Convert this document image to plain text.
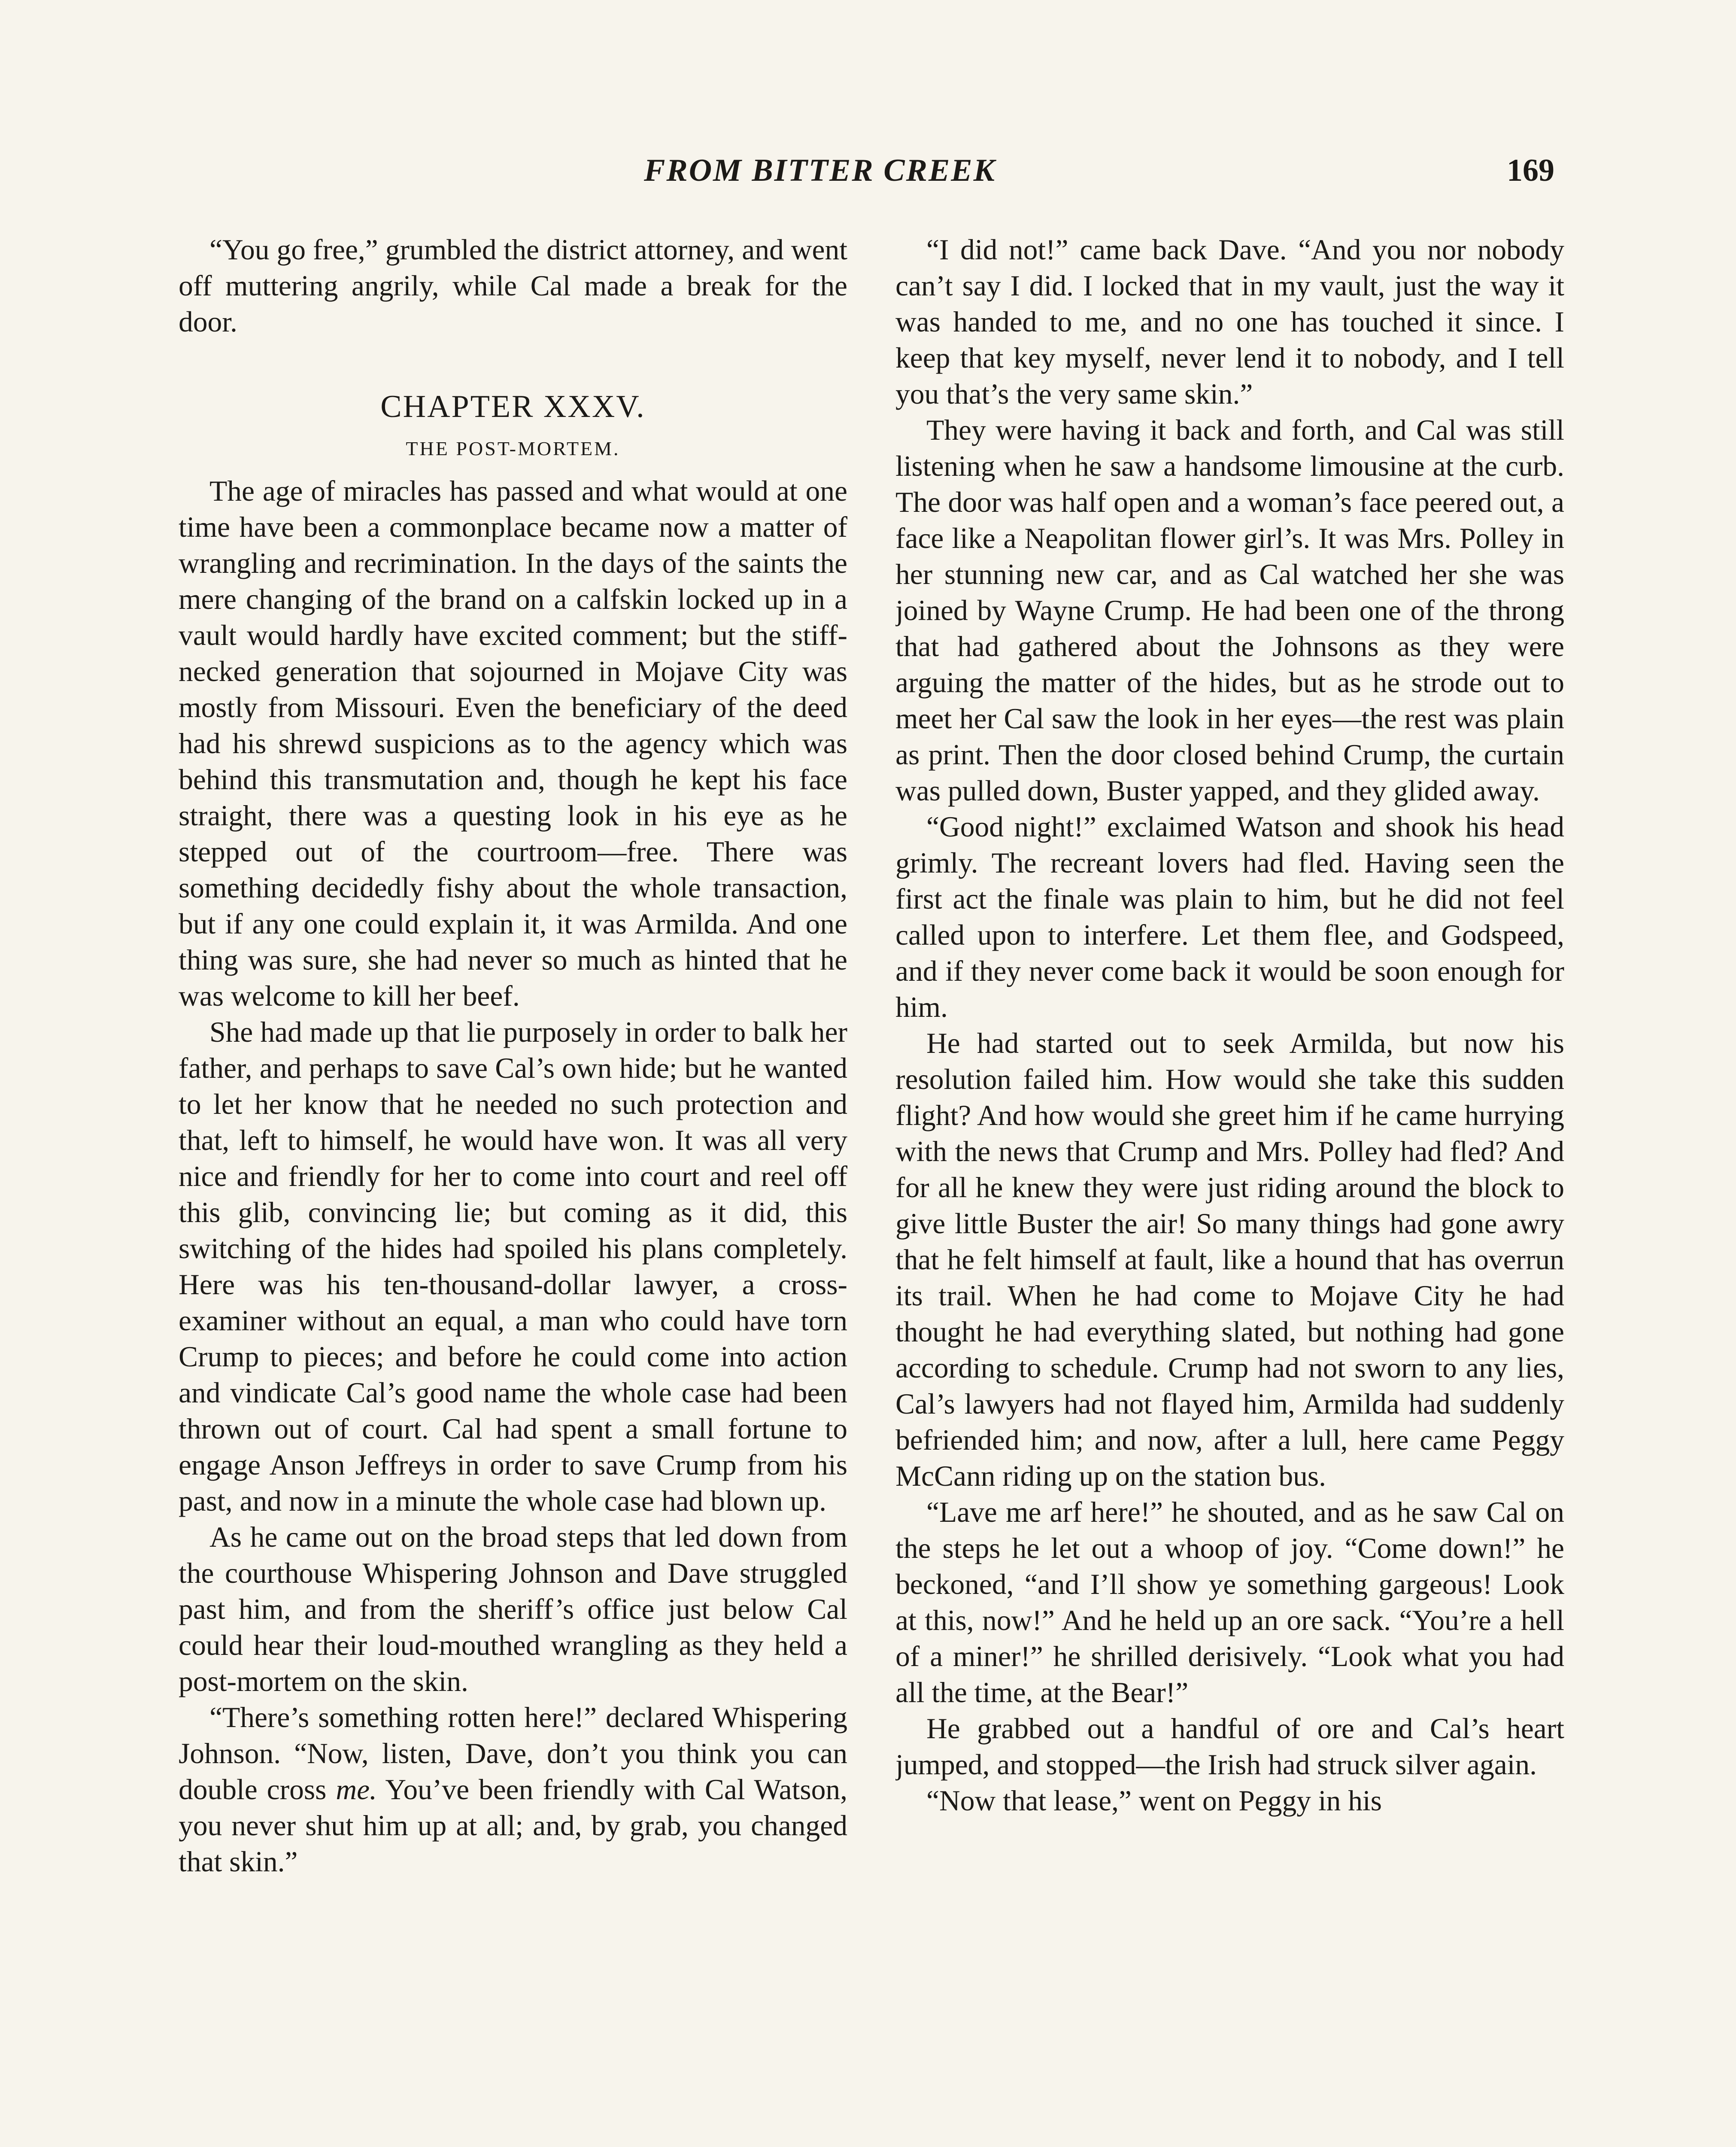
FROM BITTER CREEK	169

“You go free,” grumbled the district attorney, and went off muttering angrily, while Cal made a break for the door.

CHAPTER XXXV.
THE POST-MORTEM.

The age of miracles has passed and what would at one time have been a commonplace became now a matter of wrangling and recrimination. In the days of the saints the mere changing of the brand on a calfskin locked up in a vault would hardly have excited comment; but the stiff-necked generation that sojourned in Mojave City was mostly from Missouri. Even the beneficiary of the deed had his shrewd suspicions as to the agency which was behind this transmutation and, though he kept his face straight, there was a questing look in his eye as he stepped out of the courtroom—free. There was something decidedly fishy about the whole transaction, but if any one could explain it, it was Armilda. And one thing was sure, she had never so much as hinted that he was welcome to kill her beef.

She had made up that lie purposely in order to balk her father, and perhaps to save Cal’s own hide; but he wanted to let her know that he needed no such protection and that, left to himself, he would have won. It was all very nice and friendly for her to come into court and reel off this glib, convincing lie; but coming as it did, this switching of the hides had spoiled his plans completely. Here was his ten-thousand-dollar lawyer, a cross-examiner without an equal, a man who could have torn Crump to pieces; and before he could come into action and vindicate Cal’s good name the whole case had been thrown out of court. Cal had spent a small fortune to engage Anson Jeffreys in order to save Crump from his past, and now in a minute the whole case had blown up.

As he came out on the broad steps that led down from the courthouse Whispering Johnson and Dave struggled past him, and from the sheriff’s office just below Cal could hear their loud-mouthed wrangling as they held a post-mortem on the skin.

“There’s something rotten here!” declared Whispering Johnson. “Now, listen, Dave, don’t you think you can double cross me. You’ve been friendly with Cal Watson, you never shut him up at all; and, by grab, you changed that skin.”

“I did not!” came back Dave. “And you nor nobody can’t say I did. I locked that in my vault, just the way it was handed to me, and no one has touched it since. I keep that key myself, never lend it to nobody, and I tell you that’s the very same skin.”

They were having it back and forth, and Cal was still listening when he saw a handsome limousine at the curb. The door was half open and a woman’s face peered out, a face like a Neapolitan flower girl’s. It was Mrs. Polley in her stunning new car, and as Cal watched her she was joined by Wayne Crump. He had been one of the throng that had gathered about the Johnsons as they were arguing the matter of the hides, but as he strode out to meet her Cal saw the look in her eyes—the rest was plain as print. Then the door closed behind Crump, the curtain was pulled down, Buster yapped, and they glided away.

“Good night!” exclaimed Watson and shook his head grimly. The recreant lovers had fled. Having seen the first act the finale was plain to him, but he did not feel called upon to interfere. Let them flee, and Godspeed, and if they never come back it would be soon enough for him.

He had started out to seek Armilda, but now his resolution failed him. How would she take this sudden flight? And how would she greet him if he came hurrying with the news that Crump and Mrs. Polley had fled? And for all he knew they were just riding around the block to give little Buster the air! So many things had gone awry that he felt himself at fault, like a hound that has overrun its trail. When he had come to Mojave City he had thought he had everything slated, but nothing had gone according to schedule. Crump had not sworn to any lies, Cal’s lawyers had not flayed him, Armilda had suddenly befriended him; and now, after a lull, here came Peggy McCann riding up on the station bus.

“Lave me arf here!” he shouted, and as he saw Cal on the steps he let out a whoop of joy. “Come down!” he beckoned, “and I’ll show ye something gargeous! Look at this, now!” And he held up an ore sack. “You’re a hell of a miner!” he shrilled derisively. “Look what you had all the time, at the Bear!”

He grabbed out a handful of ore and Cal’s heart jumped, and stopped—the Irish had struck silver again.

“Now that lease,” went on Peggy in his
